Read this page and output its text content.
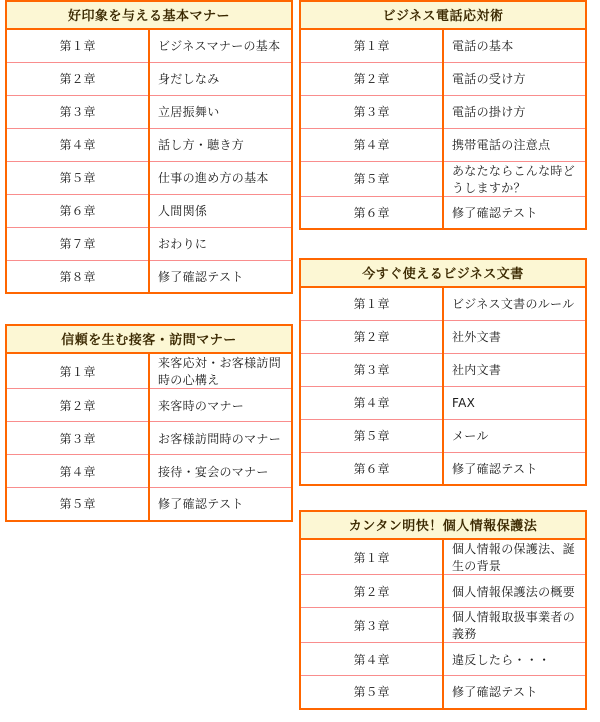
好印象を与える基本マナー	
第１章	ビジネスマナーの基本
第２章	身だしなみ
第３章	立居振舞い
第４章	話し方・聴き方
第５章	仕事の進め方の基本
第６章	人間関係
第７章	おわりに
第８章	修了確認テスト
信頼を生む接客・訪問マナー	
第１章	来客応対・お客様訪問時の心構え
第２章	来客時のマナー
第３章	お客様訪問時のマナー
第４章	接待・宴会のマナー
第５章	修了確認テスト
ビジネス電話応対術	
第１章	電話の基本
第２章	電話の受け方
第３章	電話の掛け方
第４章	携帯電話の注意点
第５章	あなたならこんな時どうしますか？
第６章	修了確認テスト
今すぐ使えるビジネス文書	
第１章	ビジネス文書のルール
第２章	社外文書
第３章	社内文書
第４章	FAX
第５章	メール
第６章	修了確認テスト
カンタン明快！個人情報保護法	
第１章	個人情報の保護法、誕生の背景
第２章	個人情報保護法の概要
第３章	個人情報取扱事業者の義務
第４章	違反したら・・・
第５章	修了確認テスト
